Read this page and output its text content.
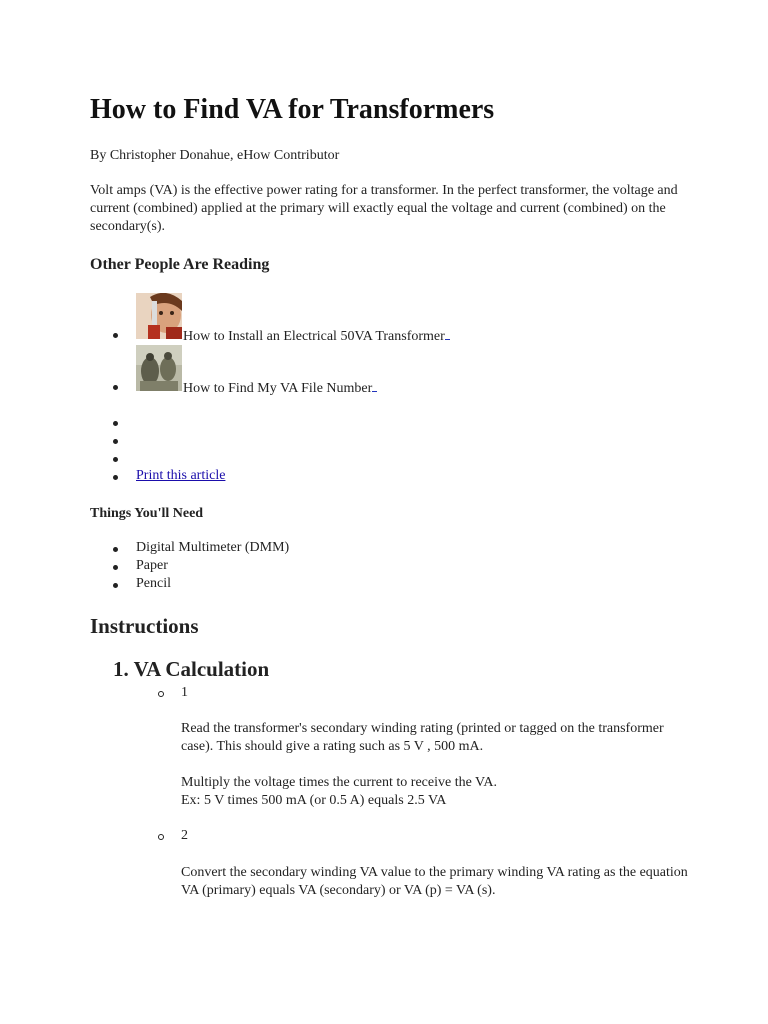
How to Find VA for Transformers
By Christopher Donahue, eHow Contributor

Volt amps (VA) is the effective power rating for a transformer. In the perfect transformer, the voltage and current (combined) applied at the primary will exactly equal the voltage and current (combined) on the secondary(s).

Other People Are Reading
How to Install an Electrical 50VA Transformer
How to Find My VA File Number
Print this article
Things You'll Need
Digital Multimeter (DMM)
Paper
Pencil
Instructions
1. VA Calculation
1

Read the transformer's secondary winding rating (printed or tagged on the transformer case). This should give a rating such as 5 V , 500 mA.

Multiply the voltage times the current to receive the VA.

Ex: 5 V times 500 mA (or 0.5 A) equals 2.5 VA

2

Convert the secondary winding VA value to the primary winding VA rating as the equation VA (primary) equals VA (secondary) or VA (p) = VA (s).
